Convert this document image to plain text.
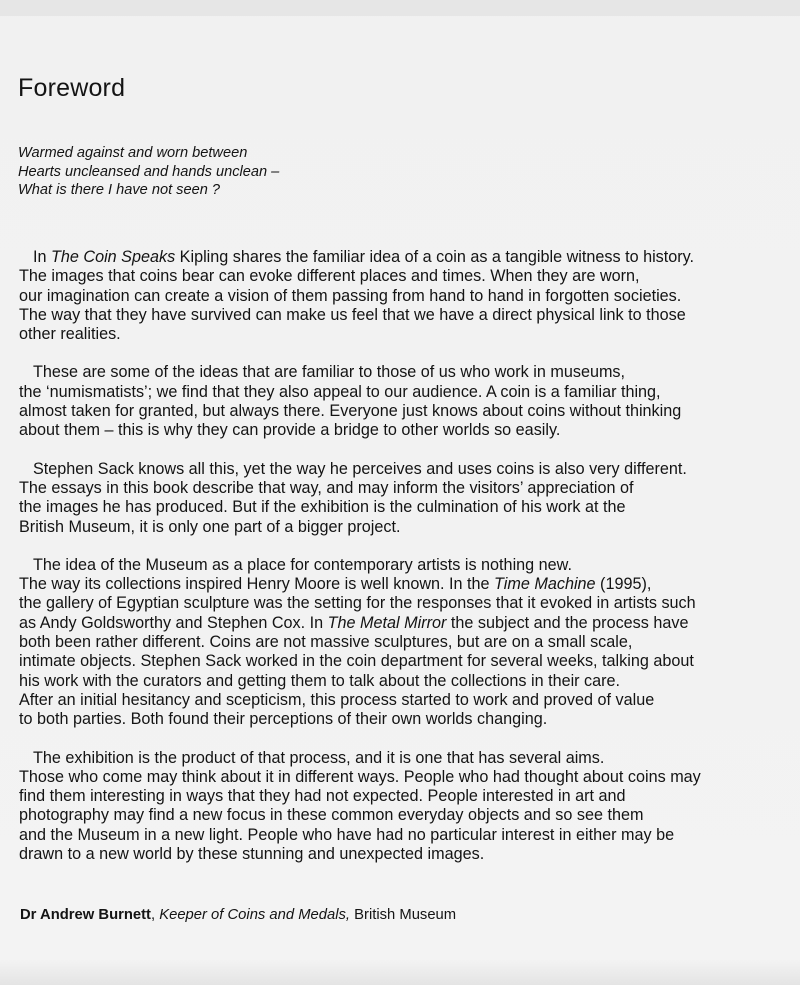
Foreword
Warmed against and worn between
Hearts uncleansed and hands unclean –
What is there I have not seen ?
In The Coin Speaks Kipling shares the familiar idea of a coin as a tangible witness to history.
The images that coins bear can evoke different places and times. When they are worn,
our imagination can create a vision of them passing from hand to hand in forgotten societies.
The way that they have survived can make us feel that we have a direct physical link to those
other realities.
These are some of the ideas that are familiar to those of us who work in museums,
the ‘numismatists’; we find that they also appeal to our audience. A coin is a familiar thing,
almost taken for granted, but always there. Everyone just knows about coins without thinking
about them – this is why they can provide a bridge to other worlds so easily.
Stephen Sack knows all this, yet the way he perceives and uses coins is also very different.
The essays in this book describe that way, and may inform the visitors’ appreciation of
the images he has produced. But if the exhibition is the culmination of his work at the
British Museum, it is only one part of a bigger project.
The idea of the Museum as a place for contemporary artists is nothing new.
The way its collections inspired Henry Moore is well known. In the Time Machine (1995),
the gallery of Egyptian sculpture was the setting for the responses that it evoked in artists such
as Andy Goldsworthy and Stephen Cox. In The Metal Mirror the subject and the process have
both been rather different. Coins are not massive sculptures, but are on a small scale,
intimate objects. Stephen Sack worked in the coin department for several weeks, talking about
his work with the curators and getting them to talk about the collections in their care.
After an initial hesitancy and scepticism, this process started to work and proved of value
to both parties. Both found their perceptions of their own worlds changing.
The exhibition is the product of that process, and it is one that has several aims.
Those who come may think about it in different ways. People who had thought about coins may
find them interesting in ways that they had not expected. People interested in art and
photography may find a new focus in these common everyday objects and so see them
and the Museum in a new light. People who have had no particular interest in either may be
drawn to a new world by these stunning and unexpected images.
Dr Andrew Burnett, Keeper of Coins and Medals, British Museum
